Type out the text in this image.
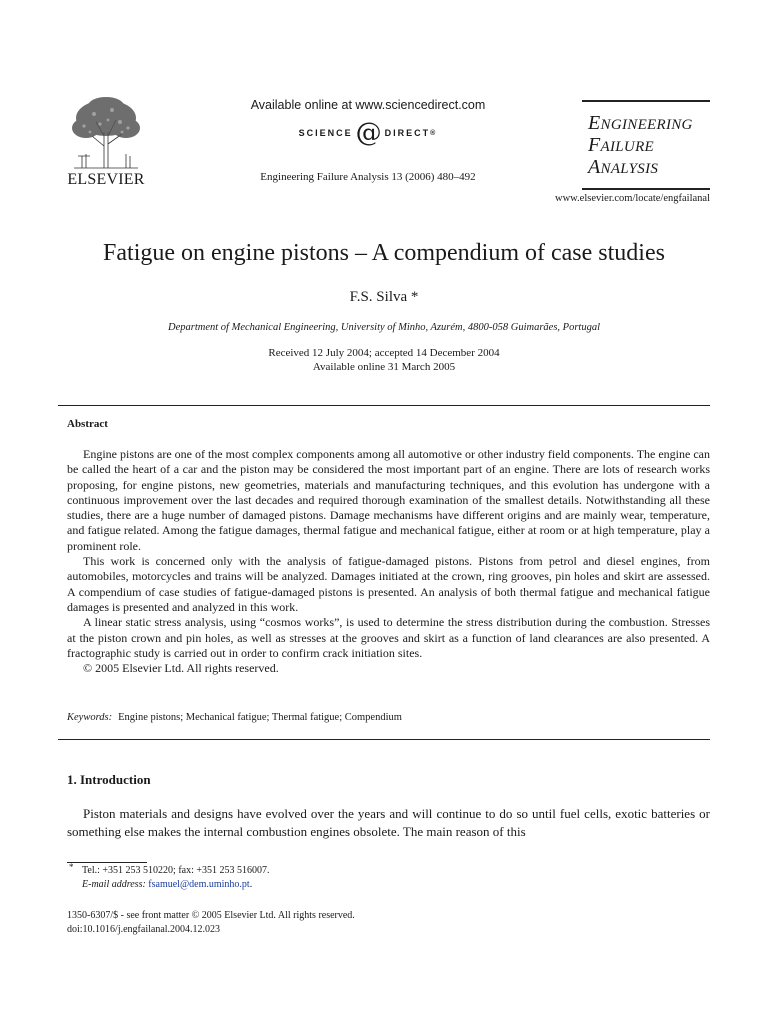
ELSEVIER
Available online at www.sciencedirect.com
SCIENCE @ DIRECT ®
Engineering Failure Analysis 13 (2006) 480–492
ENGINEERING
FAILURE
ANALYSIS
www.elsevier.com/locate/engfailanal
Fatigue on engine pistons – A compendium of case studies
F.S. Silva *
Department of Mechanical Engineering, University of Minho, Azurém, 4800-058 Guimarães, Portugal
Received 12 July 2004; accepted 14 December 2004
Available online 31 March 2005
Abstract

Engine pistons are one of the most complex components among all automotive or other industry field components. The engine can be called the heart of a car and the piston may be considered the most important part of an engine. There are lots of research works proposing, for engine pistons, new geometries, materials and manufacturing techniques, and this evolution has undergone with a continuous improvement over the last decades and required thorough examination of the smallest details. Notwithstanding all these studies, there are a huge number of damaged pistons. Damage mechanisms have different origins and are mainly wear, temperature, and fatigue related. Among the fatigue damages, thermal fatigue and mechanical fatigue, either at room or at high temperature, play a prominent role.

This work is concerned only with the analysis of fatigue-damaged pistons. Pistons from petrol and diesel engines, from automobiles, motorcycles and trains will be analyzed. Damages initiated at the crown, ring grooves, pin holes and skirt are assessed. A compendium of case studies of fatigue-damaged pistons is presented. An analysis of both thermal fatigue and mechanical fatigue damages is presented and analyzed in this work.

A linear static stress analysis, using “cosmos works”, is used to determine the stress distribution during the combustion. Stresses at the piston crown and pin holes, as well as stresses at the grooves and skirt as a function of land clearances are also presented. A fractographic study is carried out in order to confirm crack initiation sites.

© 2005 Elsevier Ltd. All rights reserved.

Keywords: Engine pistons; Mechanical fatigue; Thermal fatigue; Compendium
1. Introduction

Piston materials and designs have evolved over the years and will continue to do so until fuel cells, exotic batteries or something else makes the internal combustion engines obsolete. The main reason of this

* Tel.: +351 253 510220; fax: +351 253 516007.
E-mail address: fsamuel@dem.uminho.pt.
1350-6307/$ - see front matter © 2005 Elsevier Ltd. All rights reserved.
doi:10.1016/j.engfailanal.2004.12.023
